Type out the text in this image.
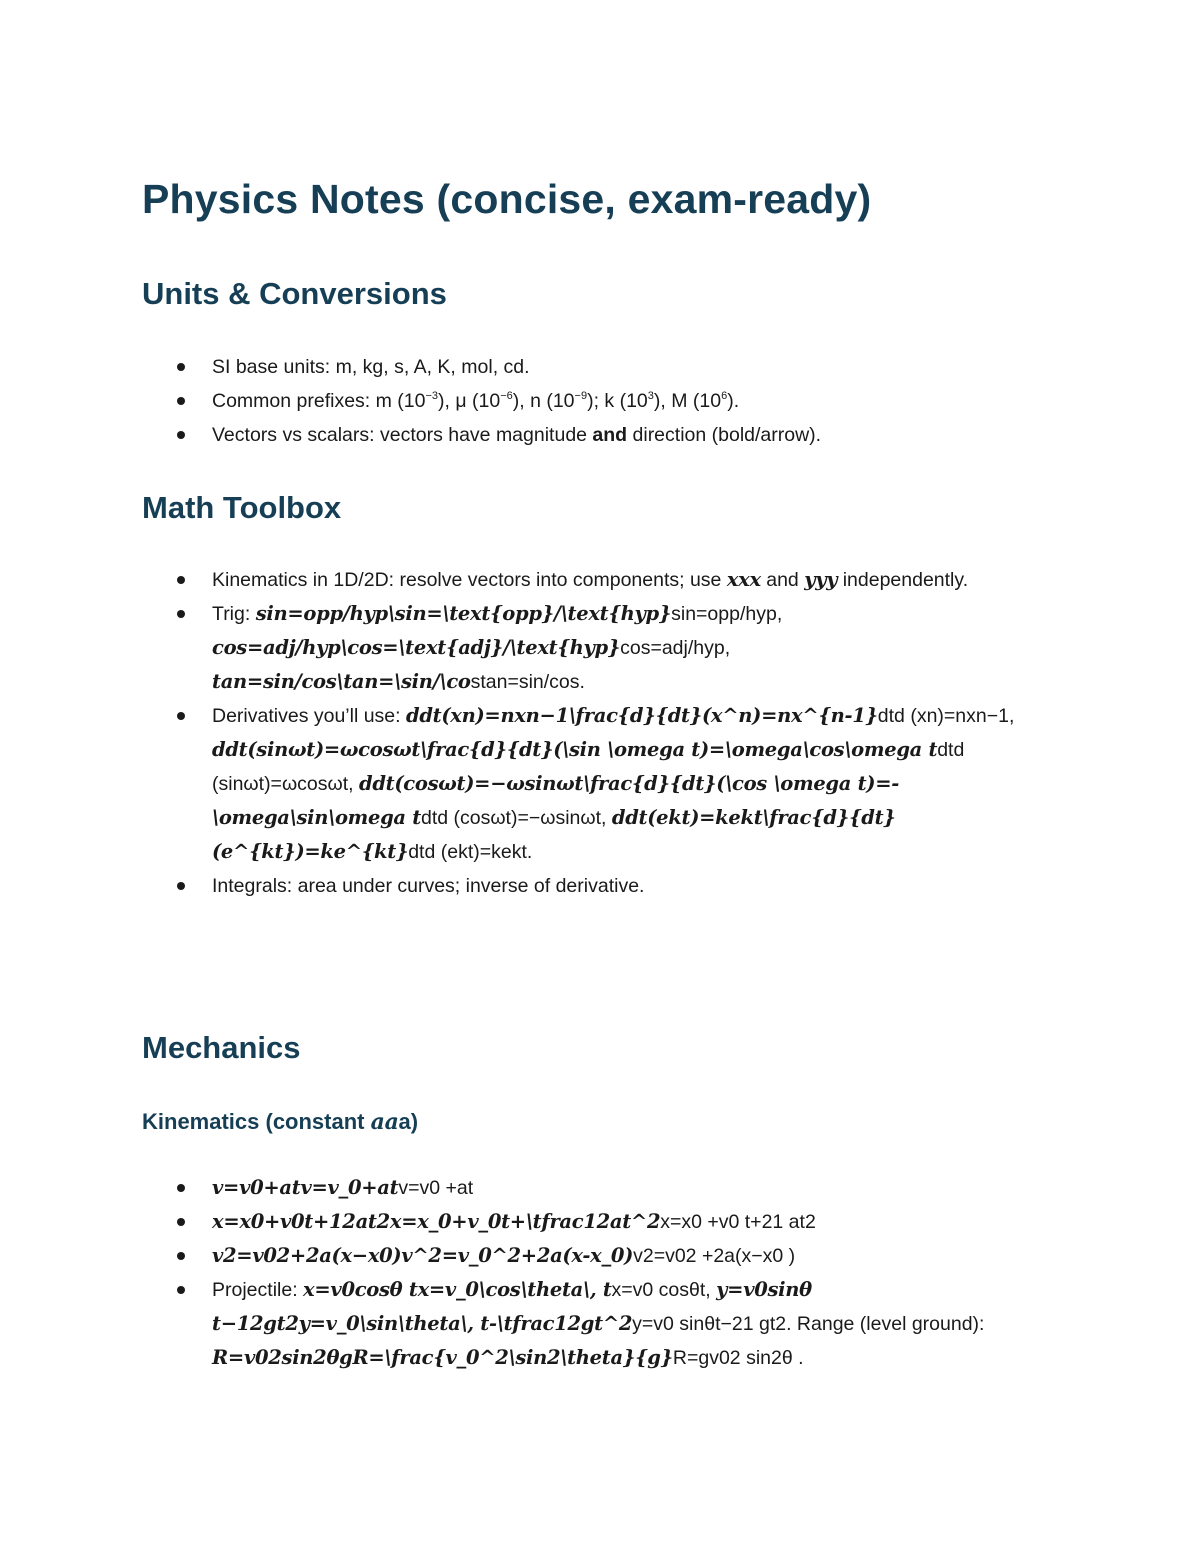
Physics Notes (concise, exam-ready)
Units & Conversions
SI base units: m, kg, s, A, K, mol, cd.
Common prefixes: m $(10^{-3})$, μ $(10^{-6})$, n $(10^{-9})$; k $(10^3)$, M $(10^6)$.
Vectors vs scalars: vectors have magnitude and direction (bold/arrow).
Math Toolbox
Kinematics in 1D/2D: resolve vectors into components; use xxx and yyy independently.
Trig: sin⁡=opp/hyp\sin=\text{opp}/\text{hyp}sin=opp/hyp, cos⁡=adj/hyp\cos=\text{adj}/\text{hyp}cos=adj/hyp, tan⁡=sin⁡/cos⁡\tan=\sin/\costan=sin/cos.
Derivatives you’ll use: ddt(xn)=nxn−1\frac{d}{dt}(x^n)=nx^{n-1}dtd (xn)=nxn−1, ddt(sin⁡ωt)=ωcos⁡ωt\frac{d}{dt}(\sin \omega t)=\omega\cos\omega tdtd (sinωt)=ωcosωt, ddt(cos⁡ωt)=−ωsin⁡ωt\frac{d}{dt}(\cos \omega t)=-\omega\sin\omega tdtd (cosωt)=−ωsinωt, ddt(ekt)=kekt\frac{d}{dt}(e^{kt})=ke^{kt}dtd (ekt)=kekt.
Integrals: area under curves; inverse of derivative.
Mechanics
Kinematics (constant aaa)
v=v0+atv=v_0+atv=v0 +at
x=x0+v0t+12at2x=x_0+v_0t+\tfrac12at^2x=x0 +v0 t+21 at2
v2=v02+2a(x−x0)v^2=v_0^2+2a(x-x_0)v2=v02 +2a(x−x0 )
Projectile: x=v0cos⁡θ tx=v_0\cos\theta\, tx=v0 cosθt, y=v0sin⁡θ t−12gt2y=v_0\sin\theta\, t-\tfrac12gt^2y=v0 sinθt−21 gt2. Range (level ground): R=v02sin⁡2θgR=\frac{v_0^2\sin2\theta}{g}R=gv02 sin2θ .
